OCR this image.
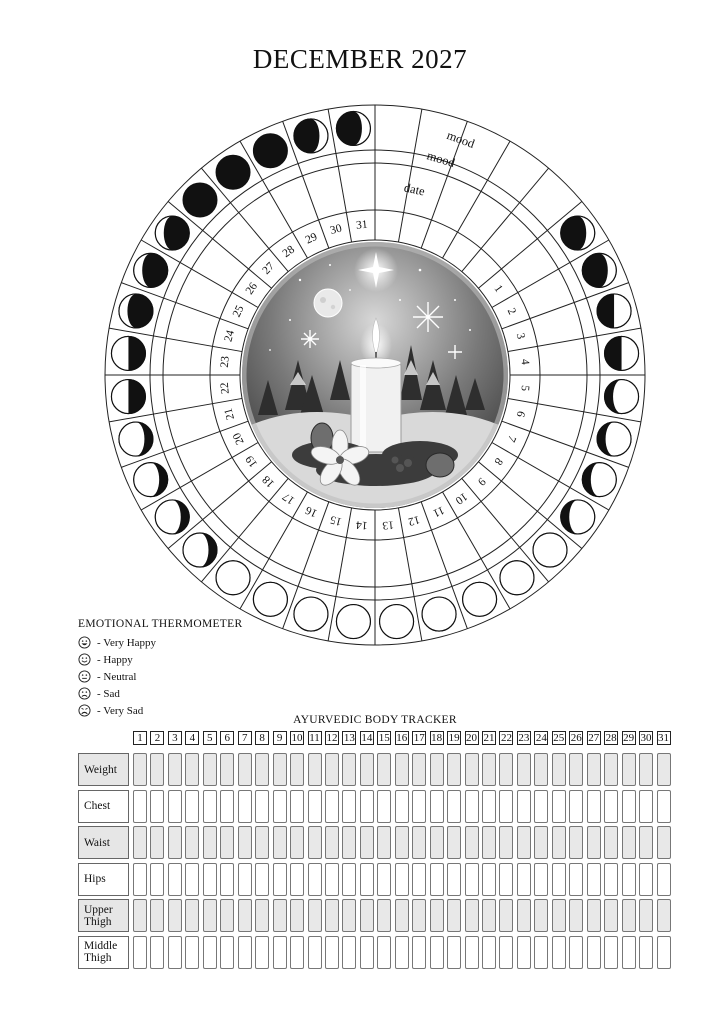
DECEMBER 2027
mood
mood
date
1
2
3
4
5
6
7
8
9
10
11
12
13
14
15
16
17
18
19
20
21
22
23
24
25
26
27
28
29
30 31
EMOTIONAL THERMOMETER
- Very Happy
- Happy
- Neutral
- Sad
- Very Sad
AYURVEDIC BODY TRACKER
1	2	3	4	5	6	7	8	9 10 11 12 13 14 15 16 17 18 19 20 21 22 23 24 25 26 27 28 29 30 31
Weight
Chest
Waist
Hips
Upper Thigh
Middle Thigh
